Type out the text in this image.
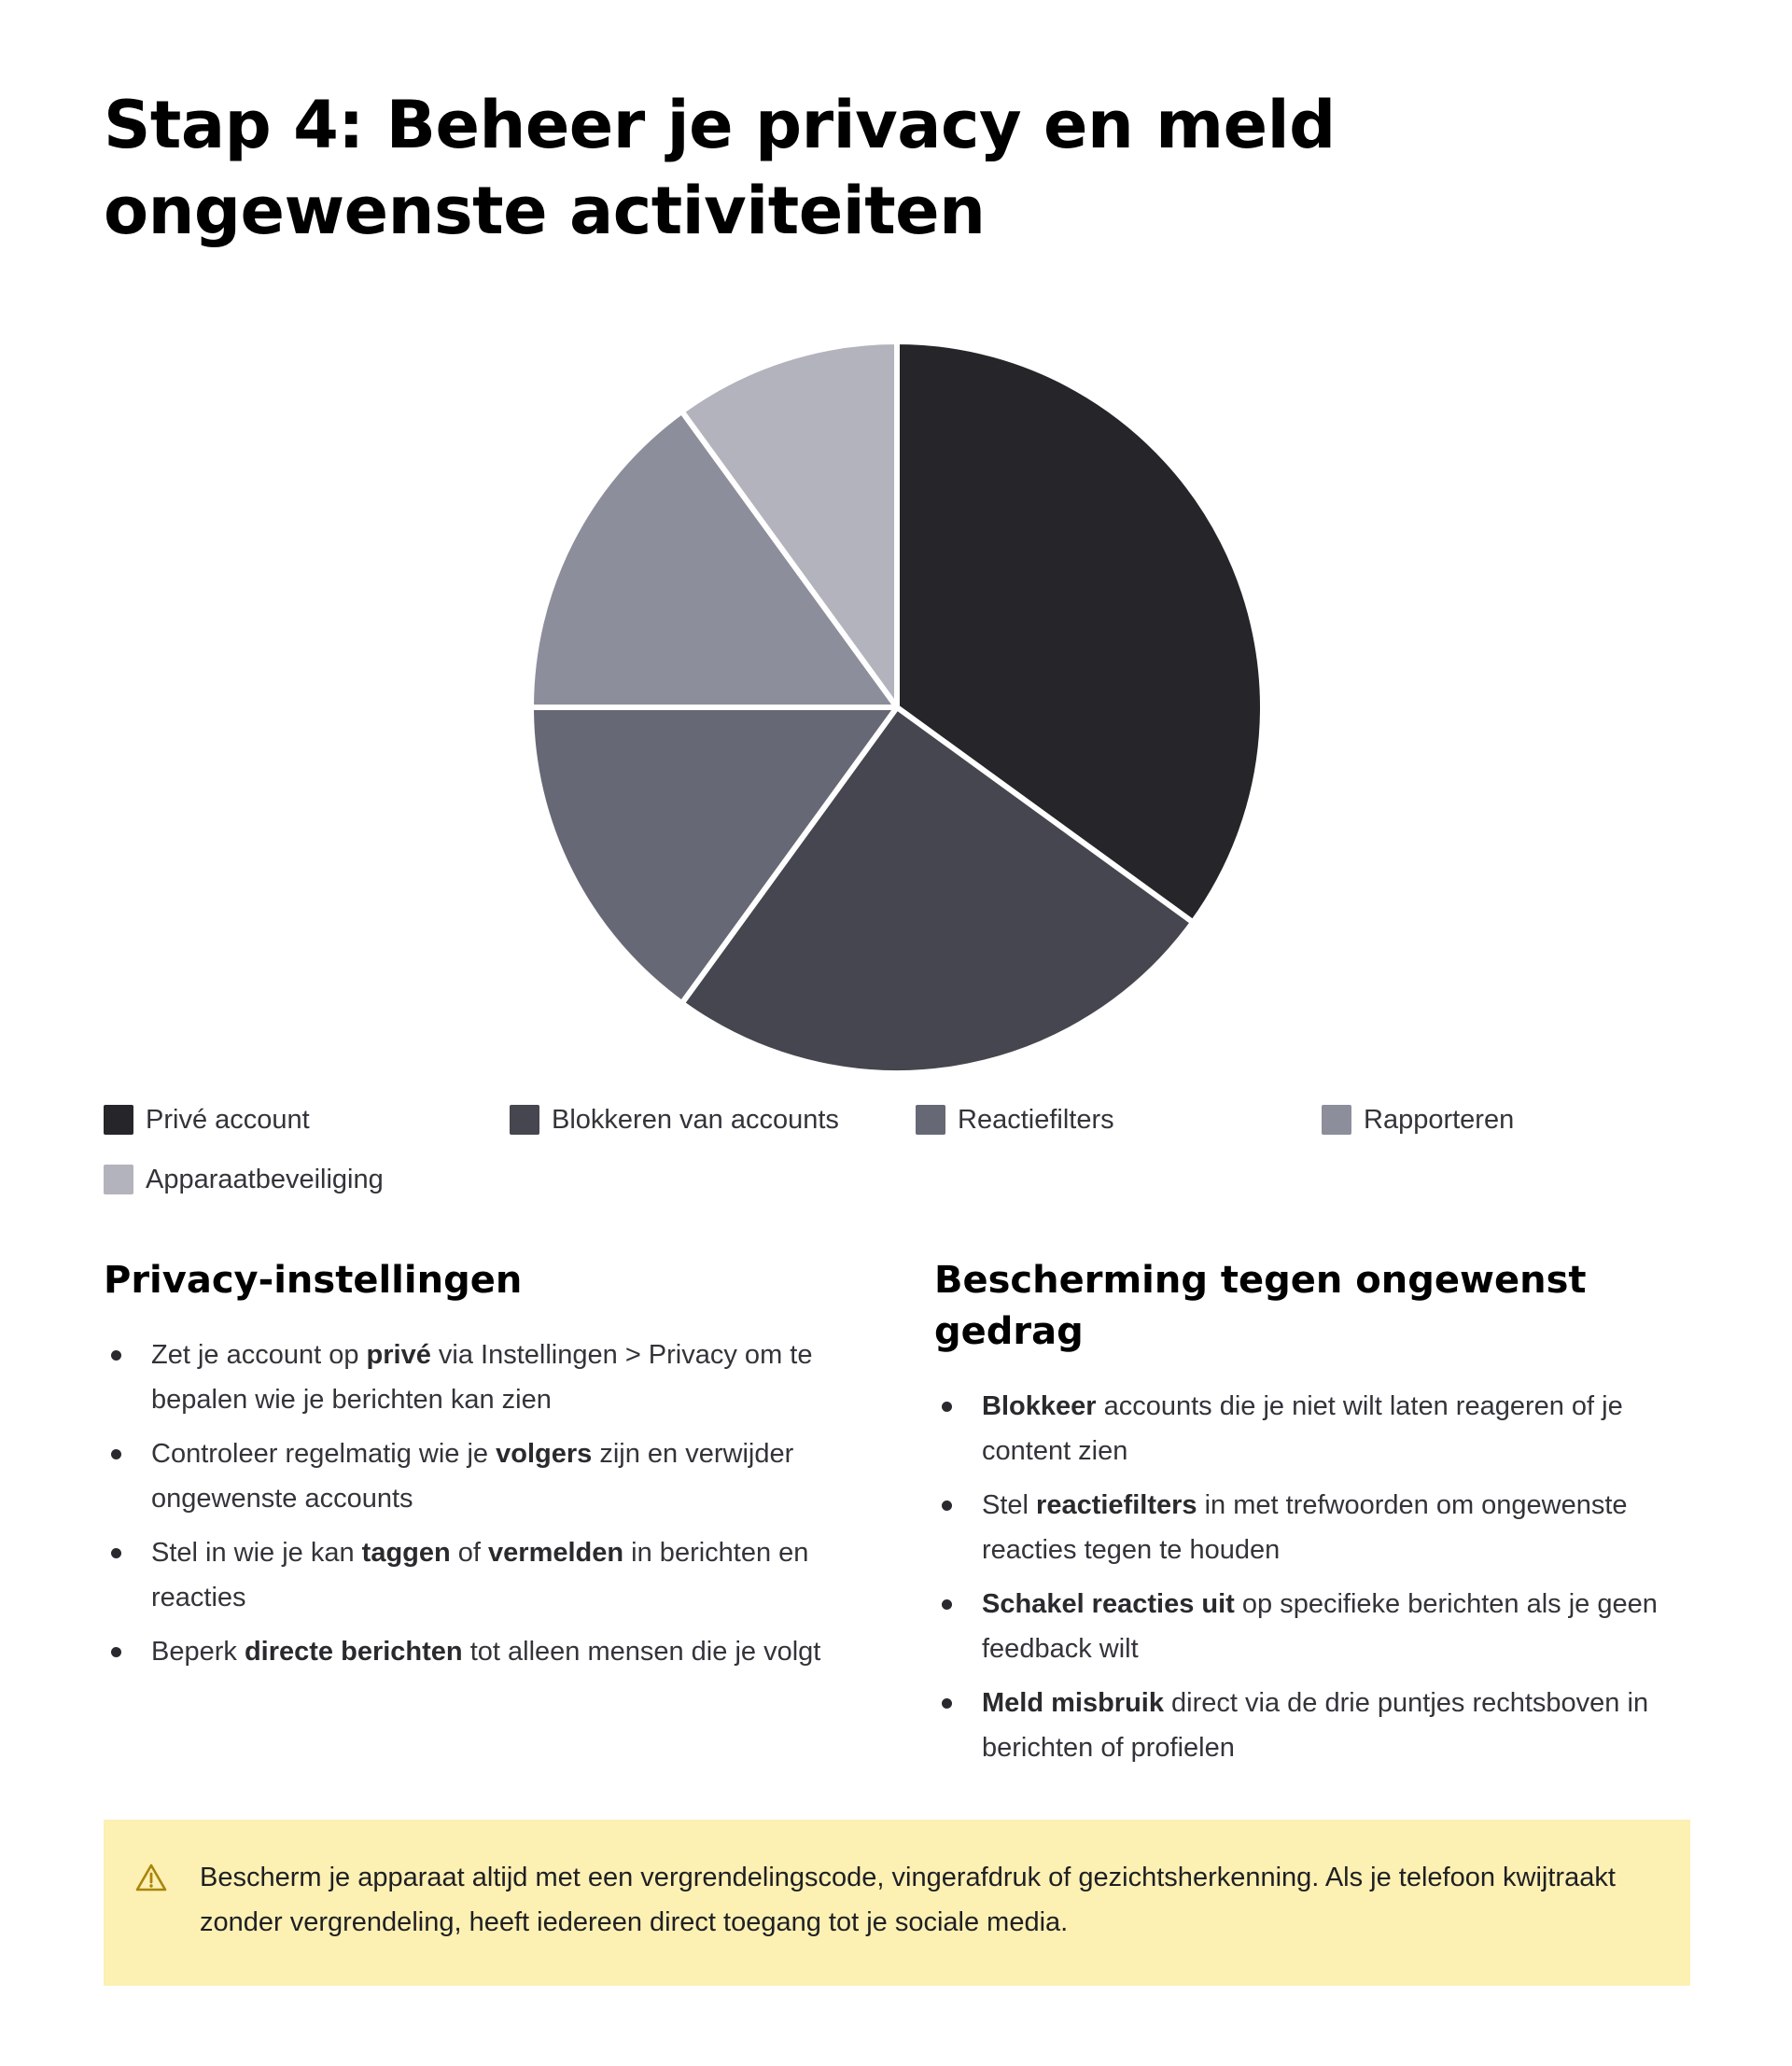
Stap 4: Beheer je privacy en meld
ongewenste activiteiten
Privé account	Blokkeren van accounts	Reactiefilters	Rapporteren
Apparaatbeveiliging
Privacy-instellingen
Zet je account op privé via Instellingen > Privacy om te bepalen wie je berichten kan zien
Controleer regelmatig wie je volgers zijn en verwijder ongewenste accounts
Stel in wie je kan taggen of vermelden in berichten en reacties
Beperk directe berichten tot alleen mensen die je volgt
Bescherming tegen ongewenst gedrag
Blokkeer accounts die je niet wilt laten reageren of je content zien
Stel reactiefilters in met trefwoorden om ongewenste reacties tegen te houden
Schakel reacties uit op specifieke berichten als je geen feedback wilt
Meld misbruik direct via de drie puntjes rechtsboven in berichten of profielen

Bescherm je apparaat altijd met een vergrendelingscode, vingerafdruk of gezichtsherkenning. Als je telefoon kwijtraakt zonder vergrendeling, heeft iedereen direct toegang tot je sociale media.
